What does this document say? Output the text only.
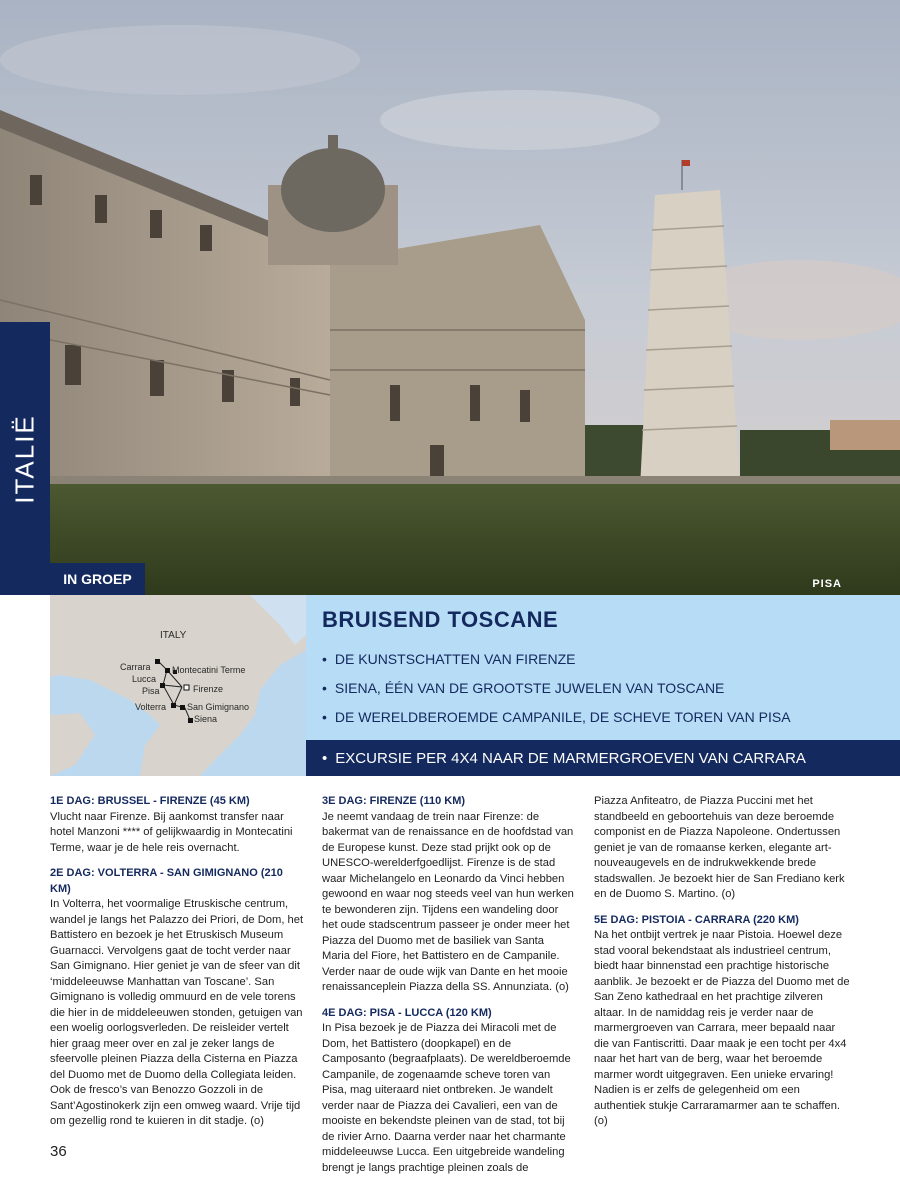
ITALIË
IN GROEP	PISA
ITALY
Carrara
Lucca
Pisa
Volterra
Montecatini Terme
Firenze
San Gimignano
Siena
BRUISEND TOSCANE
• DE KUNSTSCHATTEN VAN FIRENZE
• SIENA, ÉÉN VAN DE GROOTSTE JUWELEN VAN TOSCANE
• DE WERELDBEROEMDE CAMPANILE, DE SCHEVE TOREN VAN PISA
• EXCURSIE PER 4X4 NAAR DE MARMERGROEVEN VAN CARRARA
1E DAG: BRUSSEL - FIRENZE (45 KM)

Vlucht naar Firenze. Bij aankomst transfer naar hotel Manzoni **** of gelijkwaardig in Montecatini Terme, waar je de hele reis overnacht.

2E DAG: VOLTERRA - SAN GIMIGNANO (210 KM)

In Volterra, het voormalige Etruskische centrum, wandel je langs het Palazzo dei Priori, de Dom, het Battistero en bezoek je het Etruskisch Museum Guarnacci. Vervolgens gaat de tocht verder naar San Gimignano. Hier geniet je van de sfeer van dit ‘middeleeuwse Manhattan van Toscane’. San Gimignano is volledig ommuurd en de vele torens die hier in de middeleeuwen stonden, getuigen van een woelig oorlogsverleden. De reisleider vertelt hier graag meer over en zal je zeker langs de sfeervolle pleinen Piazza della Cisterna en Piazza del Duomo met de Duomo della Collegiata leiden. Ook de fresco’s van Benozzo Gozzoli in de Sant’Agostinokerk zijn een omweg waard. Vrije tijd om gezellig rond te kuieren in dit stadje. (o)

3E DAG: FIRENZE (110 KM)

Je neemt vandaag de trein naar Firenze: de bakermat van de renaissance en de hoofdstad van de Europese kunst. Deze stad prijkt ook op de UNESCO-werelderfgoedlijst. Firenze is de stad waar Michelangelo en Leonardo da Vinci hebben gewoond en waar nog steeds veel van hun werken te bewonderen zijn. Tijdens een wandeling door het oude stadscentrum passeer je onder meer het Piazza del Duomo met de basiliek van Santa Maria del Fiore, het Battistero en de Campanile. Verder naar de oude wijk van Dante en het mooie renaissanceplein Piazza della SS. Annunziata. (o)

4E DAG: PISA - LUCCA (120 KM)

In Pisa bezoek je de Piazza dei Miracoli met de Dom, het Battistero (doopkapel) en de Camposanto (begraafplaats). De wereldberoemde Campanile, de zogenaamde scheve toren van Pisa, mag uiteraard niet ontbreken. Je wandelt verder naar de Piazza dei Cavalieri, een van de mooiste en bekendste pleinen van de stad, tot bij de rivier Arno. Daarna verder naar het charmante middeleeuwse Lucca. Een uitgebreide wandeling brengt je langs prachtige pleinen zoals de

Piazza Anfiteatro, de Piazza Puccini met het standbeeld en geboortehuis van deze beroemde componist en de Piazza Napoleone. Ondertussen geniet je van de romaanse kerken, elegante art-nouveaugevels en de indrukwekkende brede stadswallen. Je bezoekt hier de San Frediano kerk en de Duomo S. Martino. (o)

5E DAG: PISTOIA - CARRARA (220 KM)

Na het ontbijt vertrek je naar Pistoia. Hoewel deze stad vooral bekendstaat als industrieel centrum, biedt haar binnenstad een prachtige historische aanblik. Je bezoekt er de Piazza del Duomo met de San Zeno kathedraal en het prachtige zilveren altaar. In de namiddag reis je verder naar de marmergroeven van Carrara, meer bepaald naar die van Fantiscritti. Daar maak je een tocht per 4x4 naar het hart van de berg, waar het beroemde marmer wordt uitgegraven. Een unieke ervaring! Nadien is er zelfs de gelegenheid om een authentiek stukje Carraramarmer aan te schaffen. (o)

36
